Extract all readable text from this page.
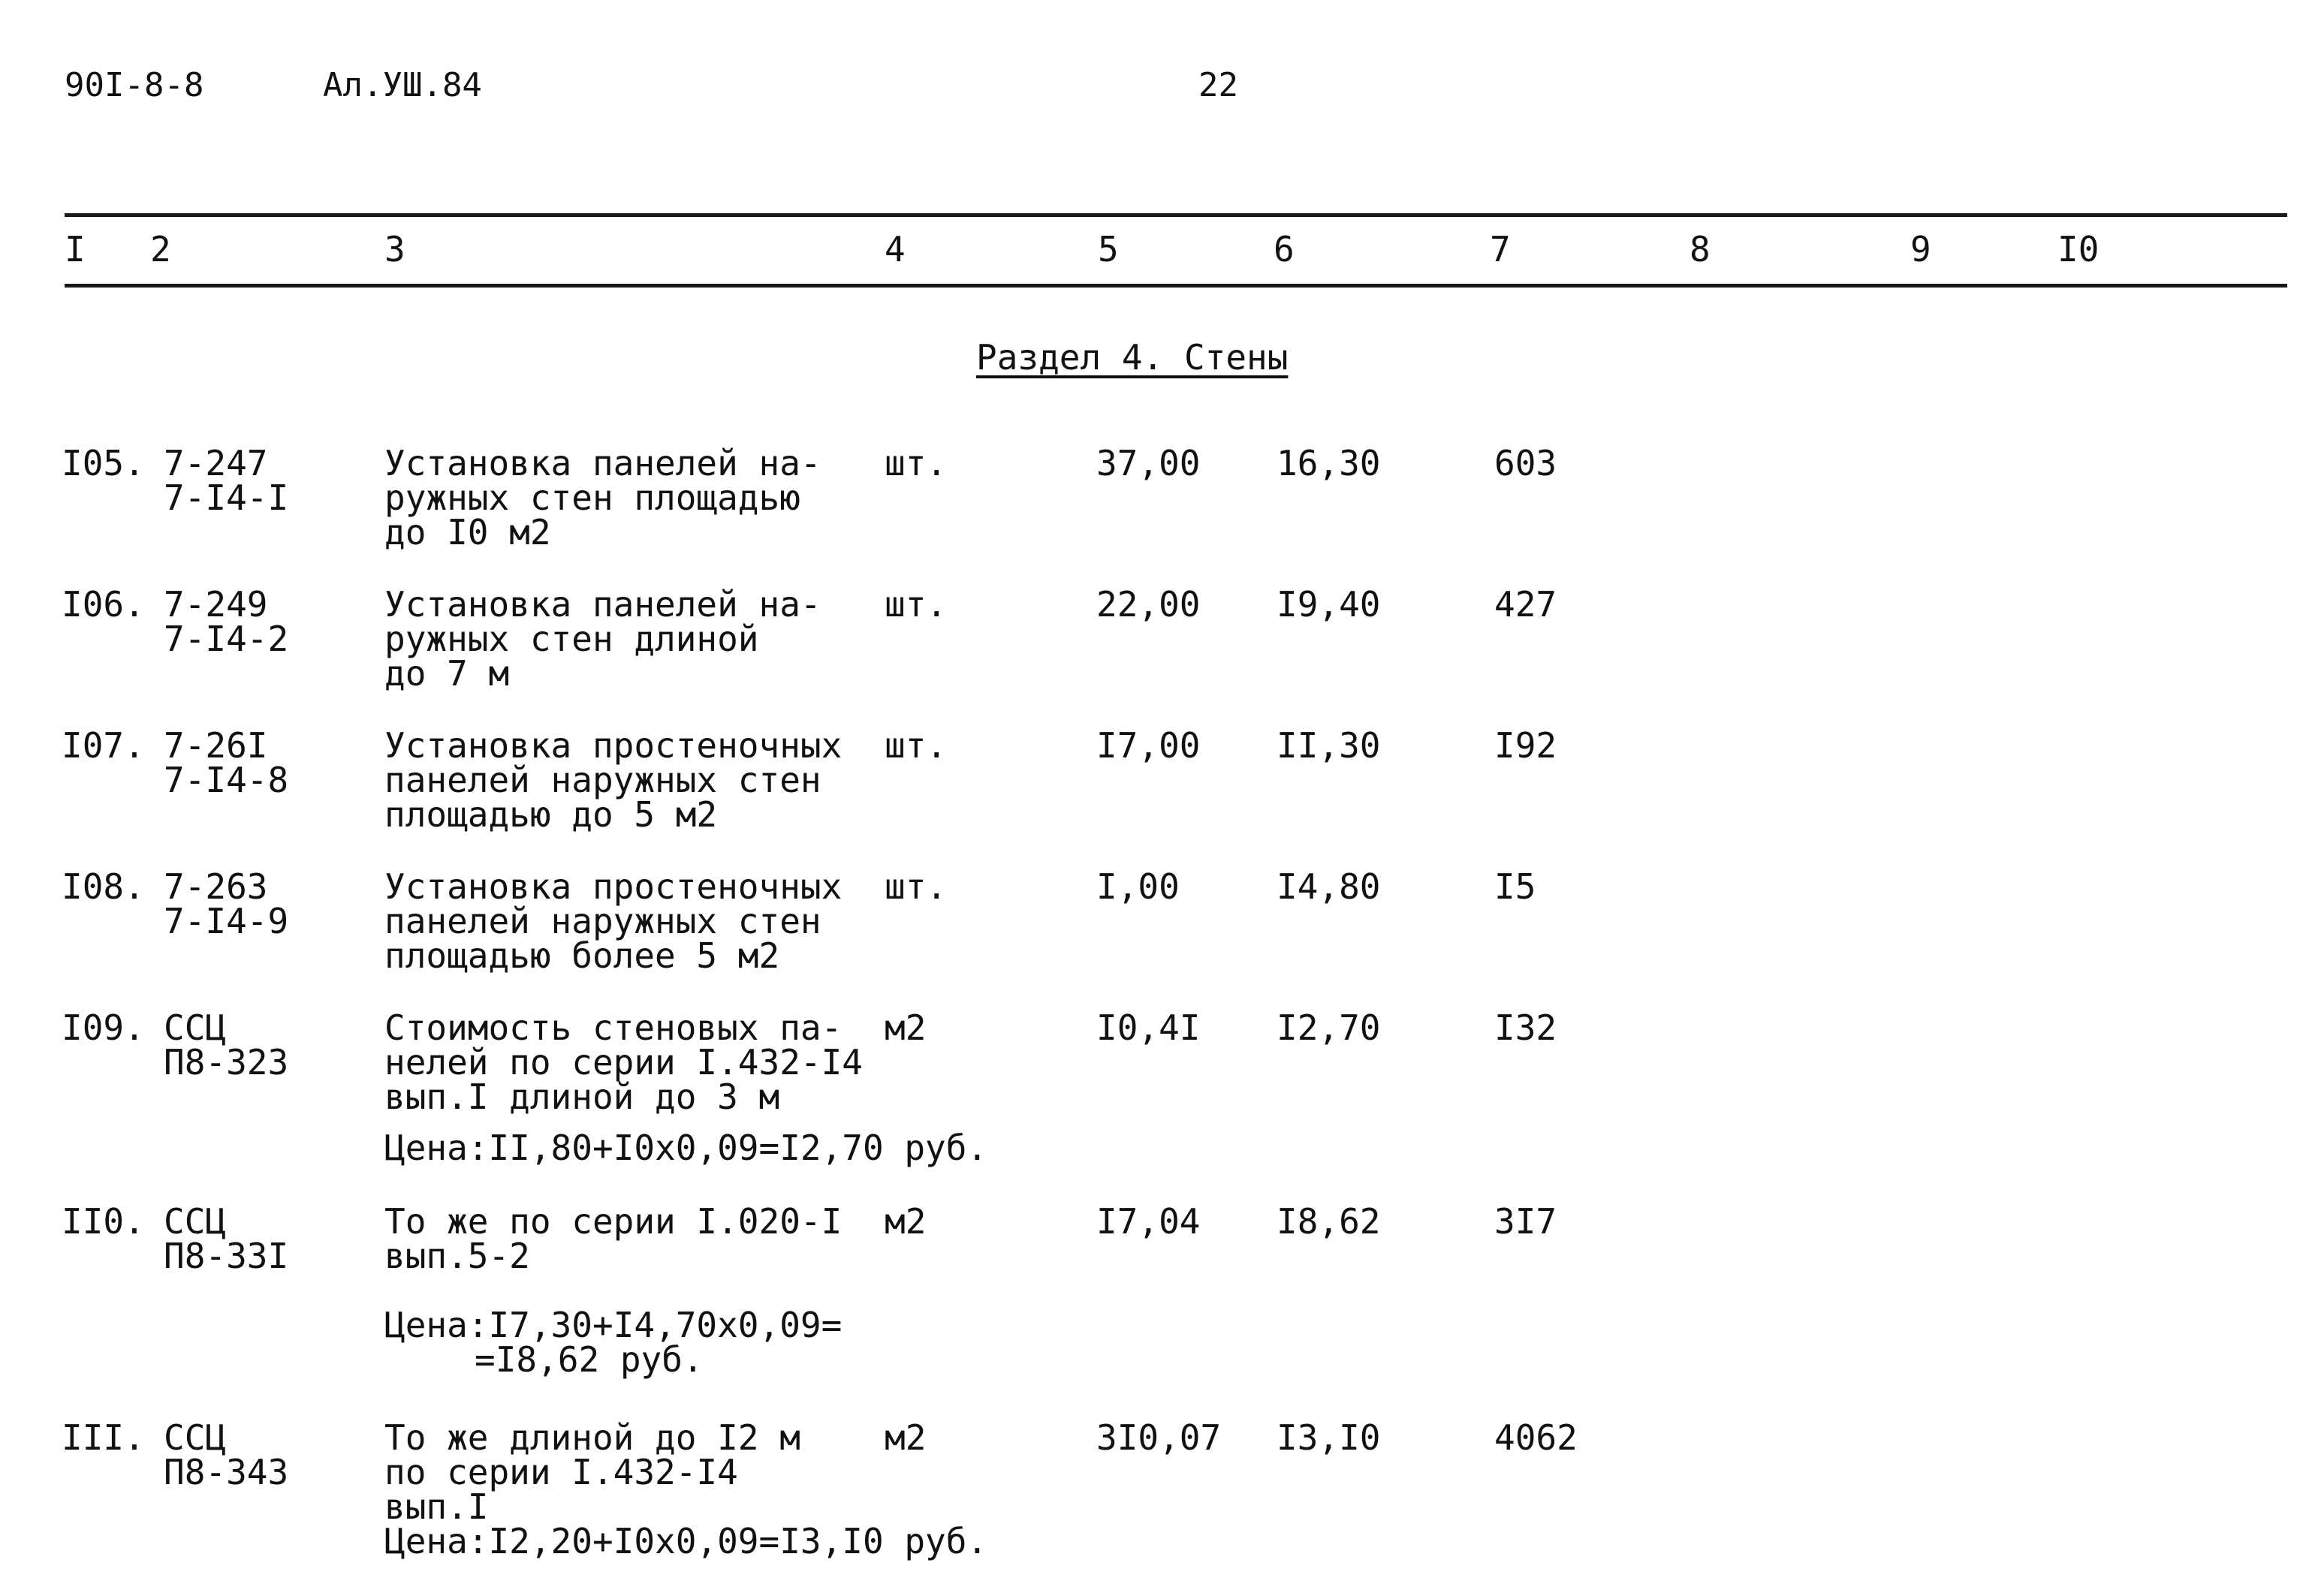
90I-8-8	Ал.УШ.84	22
I 2	3	4	5	6	7	8	9	I0
Раздел 4. Стены
I05. 7-247
7-I4-I
Установка панелей на-
ружных стен площадью
до I0 м2
шт.	37,00 16,30	603
I06. 7-249
7-I4-2
Установка панелей на-
ружных стен длиной
до 7 м
шт.	22,00 I9,40	427
I07. 7-26I
7-I4-8
Установка простеночных
панелей наружных стен
площадью до 5 м2
шт.	I7,00 II,30	I92
I08. 7-263
7-I4-9
Установка простеночных
панелей наружных стен
площадью более 5 м2
шт.	I,00	I4,80	I5
I09. ССЦ
П8-323
Стоимость стеновых па-
нелей по серии I.432-I4
вып.I длиной до 3 м
Цена:II,80+I0х0,09=I2,70 руб.
м2	I0,4I I2,70	I32
II0. ССЦ
П8-33I
То же по серии I.020-I
вып.5-2
Цена:I7,30+I4,70х0,09=
=I8,62 руб.
м2	I7,04 I8,62	3I7
III. ССЦ
П8-343
То же длиной до I2 м
по серии I.432-I4
вып.I
Цена:I2,20+I0х0,09=I3,I0 руб.
м2	3I0,07 I3,I0	4062
